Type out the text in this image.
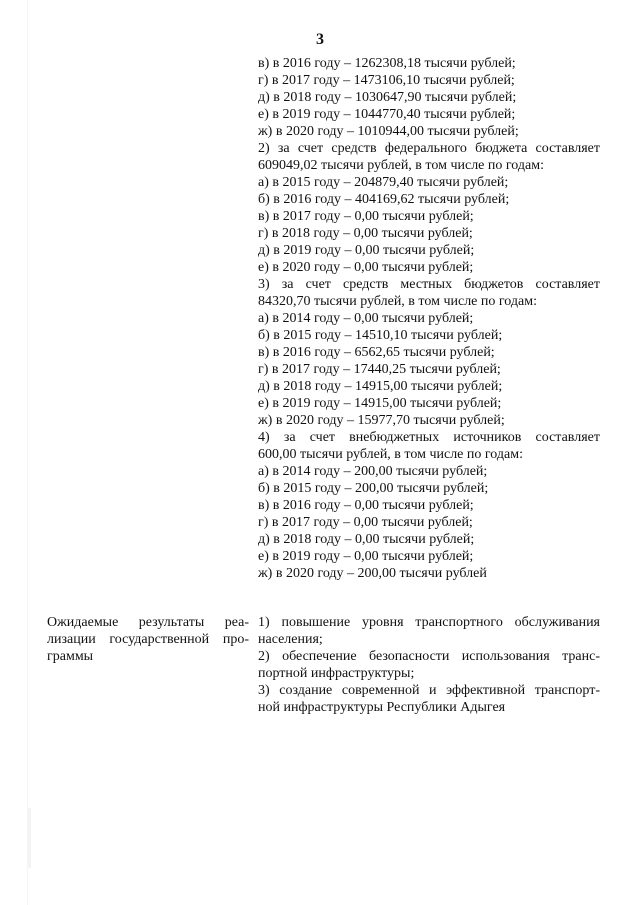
3
в) в 2016 году – 1262308,18 тысячи рублей;
г) в 2017 году – 1473106,10 тысячи рублей;
д) в 2018 году – 1030647,90 тысячи рублей;
е) в 2019 году – 1044770,40 тысячи рублей;
ж) в 2020 году – 1010944,00 тысячи рублей;
2) за счет средств федерального бюджета составляет
609049,02 тысячи рублей, в том числе по годам:
а) в 2015 году – 204879,40 тысячи рублей;
б) в 2016 году – 404169,62 тысячи рублей;
в) в 2017 году – 0,00 тысячи рублей;
г) в 2018 году – 0,00 тысячи рублей;
д) в 2019 году – 0,00 тысячи рублей;
е) в 2020 году – 0,00 тысячи рублей;
3) за счет средств местных бюджетов составляет
84320,70 тысячи рублей, в том числе по годам:
а) в 2014 году – 0,00 тысячи рублей;
б) в 2015 году – 14510,10 тысячи рублей;
в) в 2016 году – 6562,65 тысячи рублей;
г) в 2017 году – 17440,25 тысячи рублей;
д) в 2018 году – 14915,00 тысячи рублей;
е) в 2019 году – 14915,00 тысячи рублей;
ж) в 2020 году – 15977,70 тысячи рублей;
4) за счет внебюджетных источников составляет
600,00 тысячи рублей, в том числе по годам:
а) в 2014 году – 200,00 тысячи рублей;
б) в 2015 году – 200,00 тысячи рублей;
в) в 2016 году – 0,00 тысячи рублей;
г) в 2017 году – 0,00 тысячи рублей;
д) в 2018 году – 0,00 тысячи рублей;
е) в 2019 году – 0,00 тысячи рублей;
ж) в 2020 году – 200,00 тысячи рублей
Ожидаемые результаты реа-
лизации государственной про-
граммы
1) повышение уровня транспортного обслуживания
населения;
2) обеспечение безопасности использования транс-
портной инфраструктуры;
3) создание современной и эффективной транспорт-
ной инфраструктуры Республики Адыгея
